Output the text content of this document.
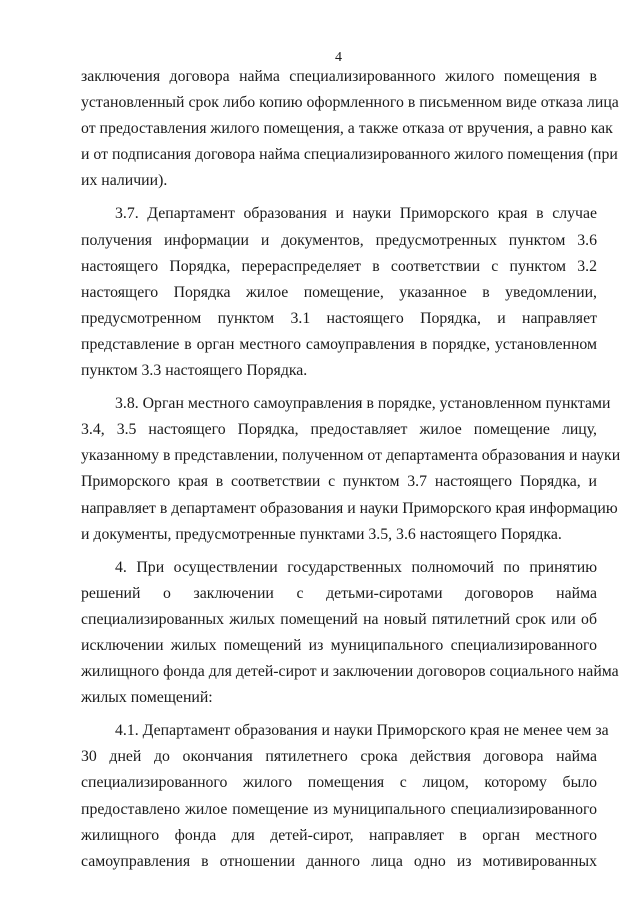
4

заключения договора найма специализированного жилого помещения в
установленный срок либо копию оформленного в письменном виде отказа лица
от предоставления жилого помещения, а также отказа от вручения, а равно как
и от подписания договора найма специализированного жилого помещения (при
их наличии).

3.7. Департамент образования и науки Приморского края в случае
получения информации и документов, предусмотренных пунктом 3.6
настоящего Порядка, перераспределяет в соответствии с пунктом 3.2
настоящего Порядка жилое помещение, указанное в уведомлении,
предусмотренном пунктом 3.1 настоящего Порядка, и направляет
представление в орган местного самоуправления в порядке, установленном
пунктом 3.3 настоящего Порядка.

3.8. Орган местного самоуправления в порядке, установленном пунктами
3.4, 3.5 настоящего Порядка, предоставляет жилое помещение лицу,
указанному в представлении, полученном от департамента образования и науки
Приморского края в соответствии с пунктом 3.7 настоящего Порядка, и
направляет в департамент образования и науки Приморского края информацию
и документы, предусмотренные пунктами 3.5, 3.6 настоящего Порядка.

4. При осуществлении государственных полномочий по принятию
решений о заключении с детьми-сиротами договоров найма
специализированных жилых помещений на новый пятилетний срок или об
исключении жилых помещений из муниципального специализированного
жилищного фонда для детей-сирот и заключении договоров социального найма
жилых помещений:

4.1. Департамент образования и науки Приморского края не менее чем за
30 дней до окончания пятилетнего срока действия договора найма
специализированного жилого помещения с лицом, которому было
предоставлено жилое помещение из муниципального специализированного
жилищного фонда для детей-сирот, направляет в орган местного
самоуправления в отношении данного лица одно из мотивированных
